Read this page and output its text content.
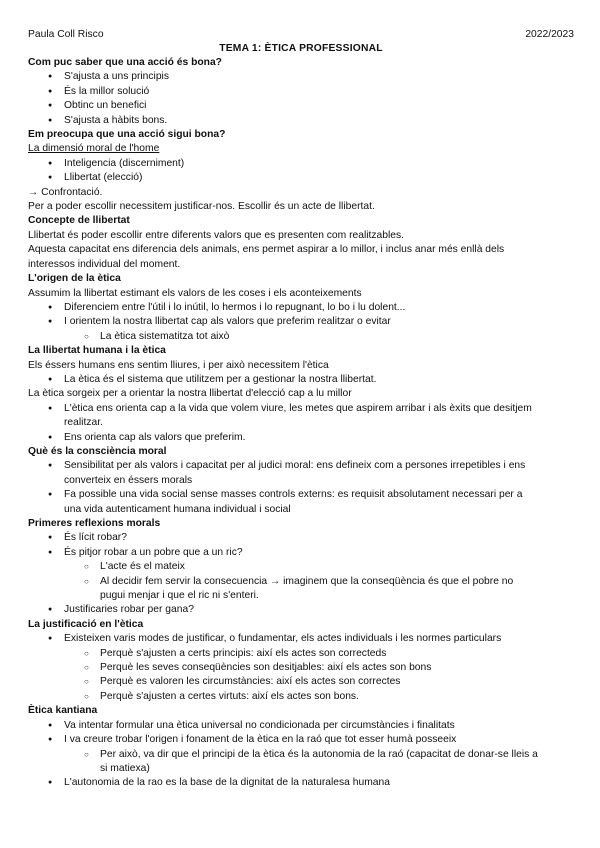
Paula Coll Risco	2022/2023
TEMA 1: ÈTICA PROFESSIONAL

Com puc saber que una acció és bona?

● S'ajusta a uns principis
● És la millor solució
● Obtinc un benefici
● S'ajusta a hàbits bons.

Em preocupa que una acció sigui bona?

La dimensió moral de l'home

● Inteligencia (discerniment)
● Llibertat (elecció)

→ Confrontació.

Per a poder escollir necessitem justificar-nos. Escollir és un acte de llibertat.

Concepte de llibertat

Llibertat és poder escollir entre diferents valors que es presenten com realitzables.

Aquesta capacitat ens diferencia dels animals, ens permet aspirar a lo millor, i inclus anar més enllà dels

interessos individual del moment.

L'origen de la ètica

Assumim la llibertat estimant els valors de les coses i els aconteixements

● Diferenciem entre l'útil i lo inútil, lo hermos i lo repugnant, lo bo i lu dolent...
● I orientem la nostra llibertat cap als valors que preferim realitzar o evitar
○ La ètica sistematitza tot això

La llibertat humana i la ètica

Els éssers humans ens sentim lliures, i per això necessitem l'ètica

● La ètica és el sistema que utilitzem per a gestionar la nostra llibertat.

La ètica sorgeix per a orientar la nostra llibertat d'elecció cap a lu millor

● L'ètica ens orienta cap a la vida que volem viure, les metes que aspirem arribar i als èxits que desitjem
realitzar.
● Ens orienta cap als valors que preferim.

Què és la consciència moral

● Sensibilitat per als valors i capacitat per al judici moral: ens defineix com a persones irrepetibles i ens
converteix en éssers morals
● Fa possible una vida social sense masses controls externs: es requisit absolutament necessari per a
una vida autenticament humana individual i social

Primeres reflexions morals

● És lícit robar?
● És pitjor robar a un pobre que a un ric?
○ L'acte és el mateix
○ Al decidir fem servir la consecuencia → imaginem que la conseqüència és que el pobre no
pugui menjar i que el ric ni s'enteri.
● Justificaries robar per gana?

La justificació en l'ètica

● Existeixen varis modes de justificar, o fundamentar, els actes individuals i les normes particulars
○ Perquè s'ajusten a certs principis: així els actes son correcteds
○ Perquè les seves conseqüències son desitjables: així els actes son bons
○ Perquè es valoren les circumstàncies: així els actes son correctes
○ Perquè s'ajusten a certes virtuts: així els actes son bons.

Ètica kantiana

● Va intentar formular una ètica universal no condicionada per circumstàncies i finalitats
● I va creure trobar l'origen i fonament de la ètica en la raó que tot esser humà posseeix
○ Per això, va dir que el principi de la ètica és la autonomia de la raó (capacitat de donar-se lleis a
si matiexa)
● L'autonomia de la rao es la base de la dignitat de la naturalesa humana
